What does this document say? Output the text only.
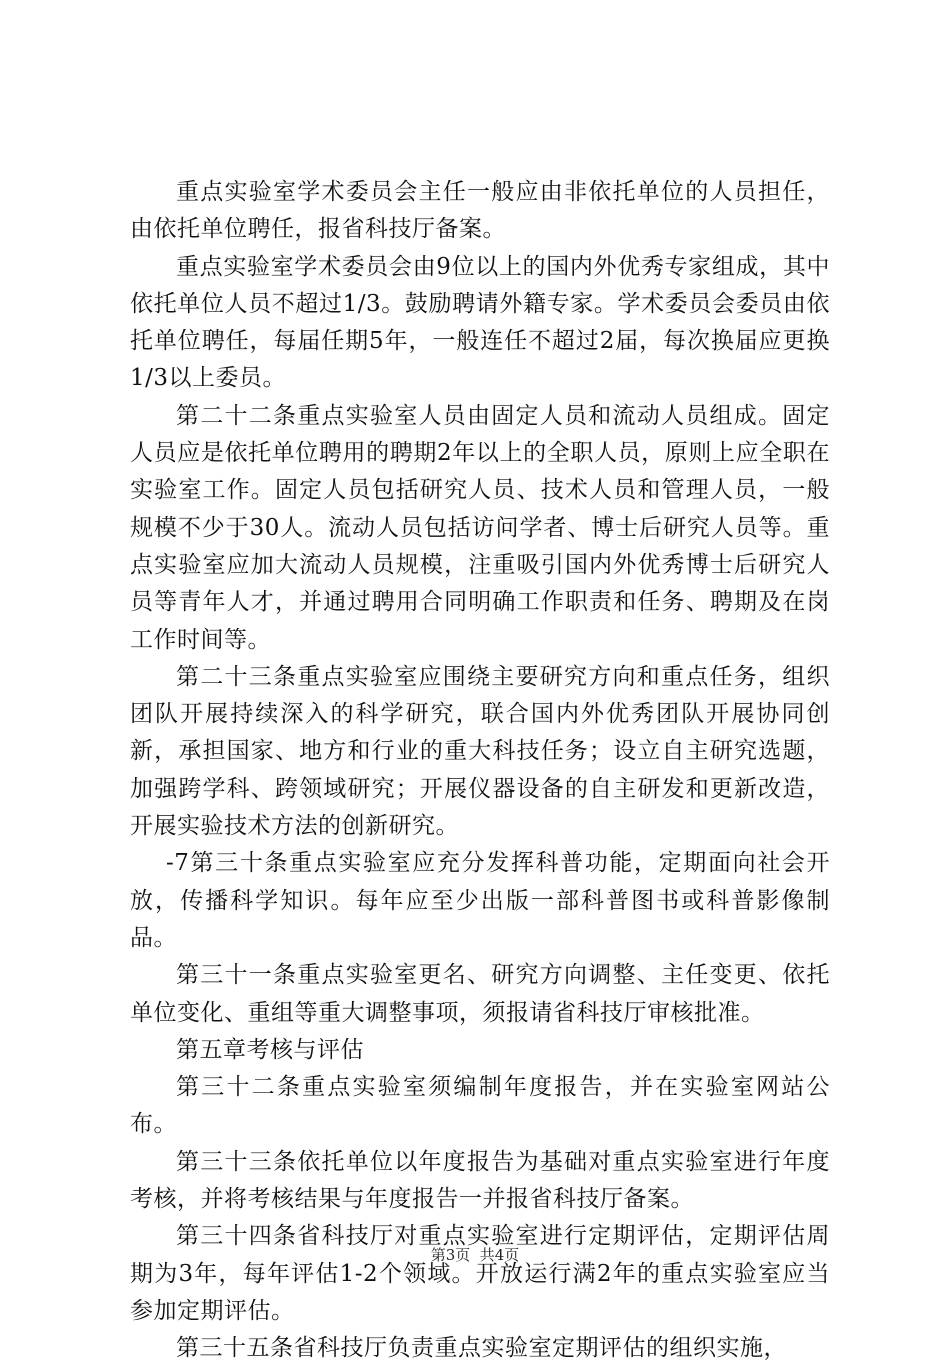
重点实验室学术委员会主任一般应由非依托单位的人员担任，由依托单位聘任，报省科技厅备案。

重点实验室学术委员会由9位以上的国内外优秀专家组成，其中依托单位人员不超过1/3。鼓励聘请外籍专家。学术委员会委员由依托单位聘任，每届任期5年，一般连任不超过2届，每次换届应更换1/3以上委员。

第二十二条重点实验室人员由固定人员和流动人员组成。固定人员应是依托单位聘用的聘期2年以上的全职人员，原则上应全职在实验室工作。固定人员包括研究人员、技术人员和管理人员，一般规模不少于30人。流动人员包括访问学者、博士后研究人员等。重点实验室应加大流动人员规模，注重吸引国内外优秀博士后研究人员等青年人才，并通过聘用合同明确工作职责和任务、聘期及在岗工作时间等。

第二十三条重点实验室应围绕主要研究方向和重点任务，组织团队开展持续深入的科学研究，联合国内外优秀团队开展协同创新，承担国家、地方和行业的重大科技任务；设立自主研究选题，加强跨学科、跨领域研究；开展仪器设备的自主研发和更新改造，开展实验技术方法的创新研究。

-7第三十条重点实验室应充分发挥科普功能，定期面向社会开放，传播科学知识。每年应至少出版一部科普图书或科普影像制品。

第三十一条重点实验室更名、研究方向调整、主任变更、依托单位变化、重组等重大调整事项，须报请省科技厅审核批准。

第五章考核与评估

第三十二条重点实验室须编制年度报告，并在实验室网站公布。

第三十三条依托单位以年度报告为基础对重点实验室进行年度考核，并将考核结果与年度报告一并报省科技厅备案。

第三十四条省科技厅对重点实验室进行定期评估，定期评估周期为3年，每年评估1-2个领域。开放运行满2年的重点实验室应当参加定期评估。

第三十五条省科技厅负责重点实验室定期评估的组织实施，

第3页  共4页
